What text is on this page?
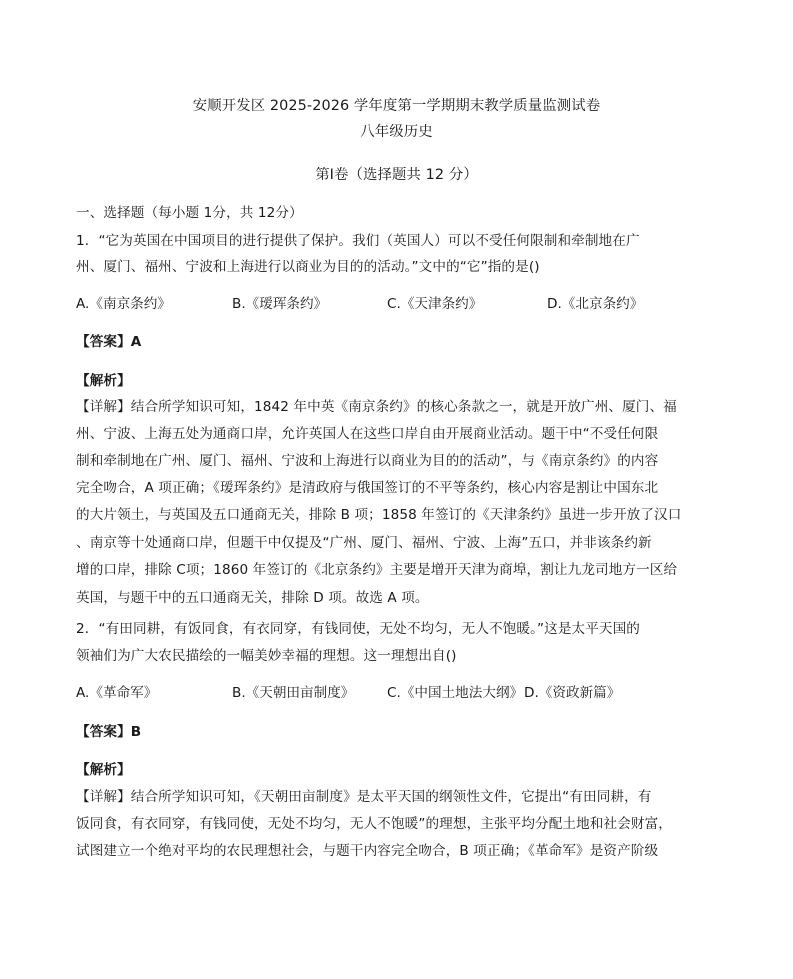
安顺开发区 2025-2026 学年度第一学期期末教学质量监测试卷
八年级历史
第Ⅰ卷（选择题共 12 分）
一、选择题（每小题 1分，共 12分）
1．“它为英国在中国项目的进行提供了保护。我们（英国人）可以不受任何限制和牵制地在广
州、厦门、福州、宁波和上海进行以商业为目的的活动。”文中的“它”指的是()
A.《南京条约》	B.《瑷珲条约》	C.《天津条约》	D.《北京条约》
【答案】A
【解析】
【详解】结合所学知识可知，1842 年中英《南京条约》的核心条款之一，就是开放广州、厦门、福
州、宁波、上海五处为通商口岸，允许英国人在这些口岸自由开展商业活动。题干中“不受任何限
制和牵制地在广州、厦门、福州、宁波和上海进行以商业为目的的活动”，与《南京条约》的内容
完全吻合，A 项正确；《瑷珲条约》是清政府与俄国签订的不平等条约，核心内容是割让中国东北
的大片领土，与英国及五口通商无关，排除 B 项；1858 年签订的《天津条约》虽进一步开放了汉口
、南京等十处通商口岸，但题干中仅提及“广州、厦门、福州、宁波、上海”五口，并非该条约新
增的口岸，排除 C项；1860 年签订的《北京条约》主要是增开天津为商埠，割让九龙司地方一区给
英国，与题干中的五口通商无关，排除 D 项。故选 A 项。
2．“有田同耕，有饭同食，有衣同穿，有钱同使，无处不均匀，无人不饱暖。”这是太平天国的
领袖们为广大农民描绘的一幅美妙幸福的理想。这一理想出自()
A.《革命军》	B.《天朝田亩制度》 C.《中国土地法大纲》 D.《资政新篇》
【答案】B
【解析】
【详解】结合所学知识可知，《天朝田亩制度》是太平天国的纲领性文件，它提出“有田同耕，有
饭同食，有衣同穿，有钱同使，无处不均匀，无人不饱暖”的理想，主张平均分配土地和社会财富，
试图建立一个绝对平均的农民理想社会，与题干内容完全吻合，B 项正确；《革命军》是资产阶级
